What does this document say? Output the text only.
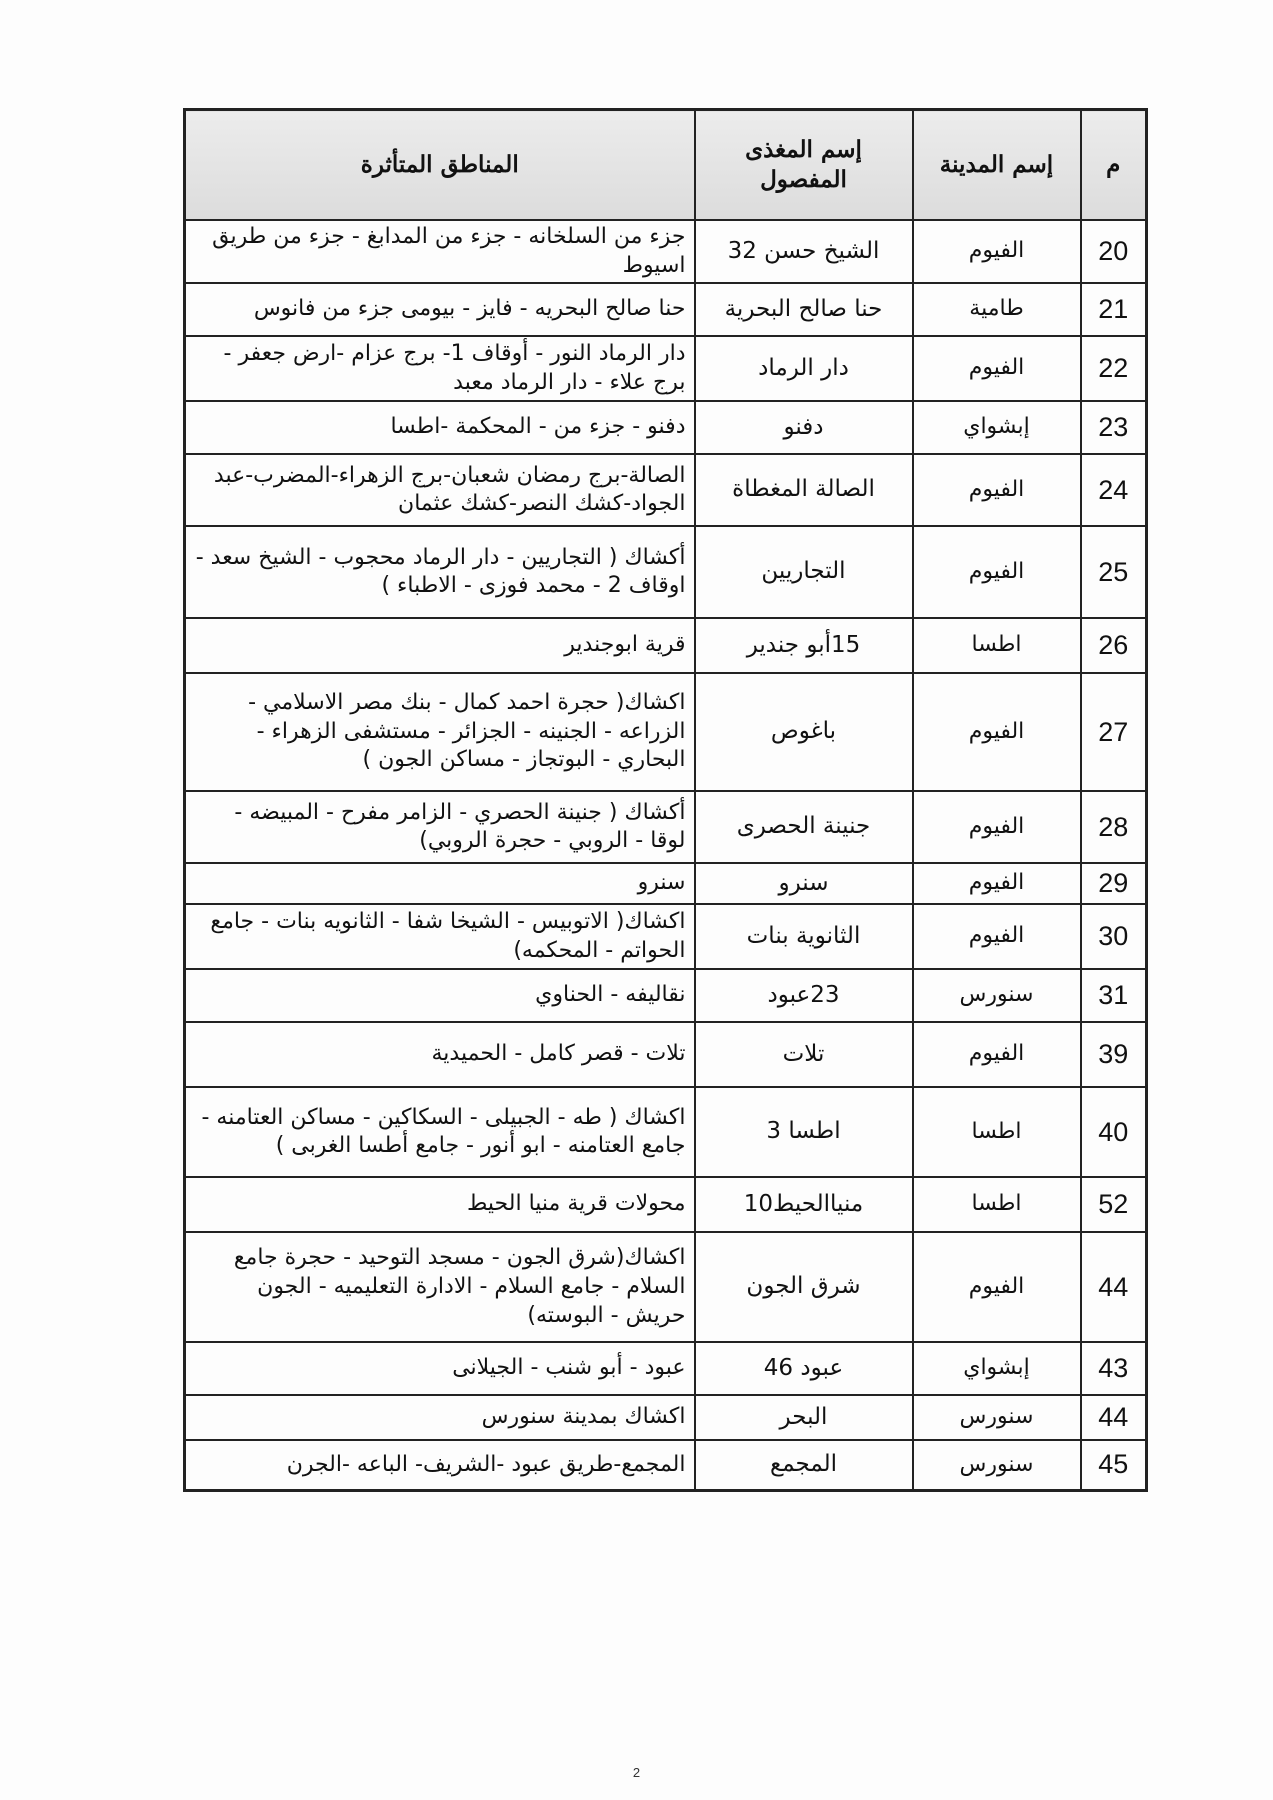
م	إسم المدينة	إسم المغذى المفصول	المناطق المتأثرة
20	الفيوم	الشيخ حسن 32	جزء من السلخانه - جزء من المدابغ - جزء من طريق اسيوط
21	طامية	حنا صالح البحرية	حنا صالح البحريه - فايز - بيومى جزء من فانوس
22	الفيوم	دار الرماد	دار الرماد النور - أوقاف 1- برج عزام -ارض جعفر - برج علاء - دار الرماد معبد
23	إبشواي	دفنو	دفنو - جزء من - المحكمة -اطسا
24	الفيوم	الصالة المغطاة	الصالة-برج رمضان شعبان-برج الزهراء-المضرب-عبد الجواد-كشك النصر-كشك عثمان
25	الفيوم	التجاريين	أكشاك ( التجاريين - دار الرماد محجوب - الشيخ سعد - اوقاف 2 - محمد فوزى - الاطباء )
26	اطسا	15أبو جندير	قرية ابوجندير
27	الفيوم	باغوص	اكشاك( حجرة احمد كمال - بنك مصر الاسلامي - الزراعه - الجنينه - الجزائر - مستشفى الزهراء - البحاري - البوتجاز - مساكن الجون )
28	الفيوم	جنينة الحصرى	أكشاك ( جنينة الحصري - الزامر مفرح - المبيضه - لوقا - الروبي - حجرة الروبي)
29	الفيوم	سنرو	سنرو
30	الفيوم	الثانوية بنات	اكشاك( الاتوبيس - الشيخا شفا - الثانويه بنات - جامع الحواتم - المحكمه)
31	سنورس	23عبود	نقاليفه - الحناوي
39	الفيوم	تلات	تلات - قصر كامل - الحميدية
40	اطسا	اطسا 3	اكشاك ( طه - الجبيلى - السكاكين - مساكن العتامنه - جامع العتامنه - ابو أنور - جامع أطسا الغربى )
52	اطسا	منياالحيط10	محولات قرية منيا الحيط
44	الفيوم	شرق الجون	اكشاك(شرق الجون - مسجد التوحيد - حجرة جامع السلام - جامع السلام - الادارة التعليميه - الجون حريش - البوسته)
43	إبشواي	عبود 46	عبود - أبو شنب - الجيلانى
44	سنورس	البحر	اكشاك بمدينة سنورس
45	سنورس	المجمع	المجمع-طريق عبود -الشريف- الباعه -الجرن
2
